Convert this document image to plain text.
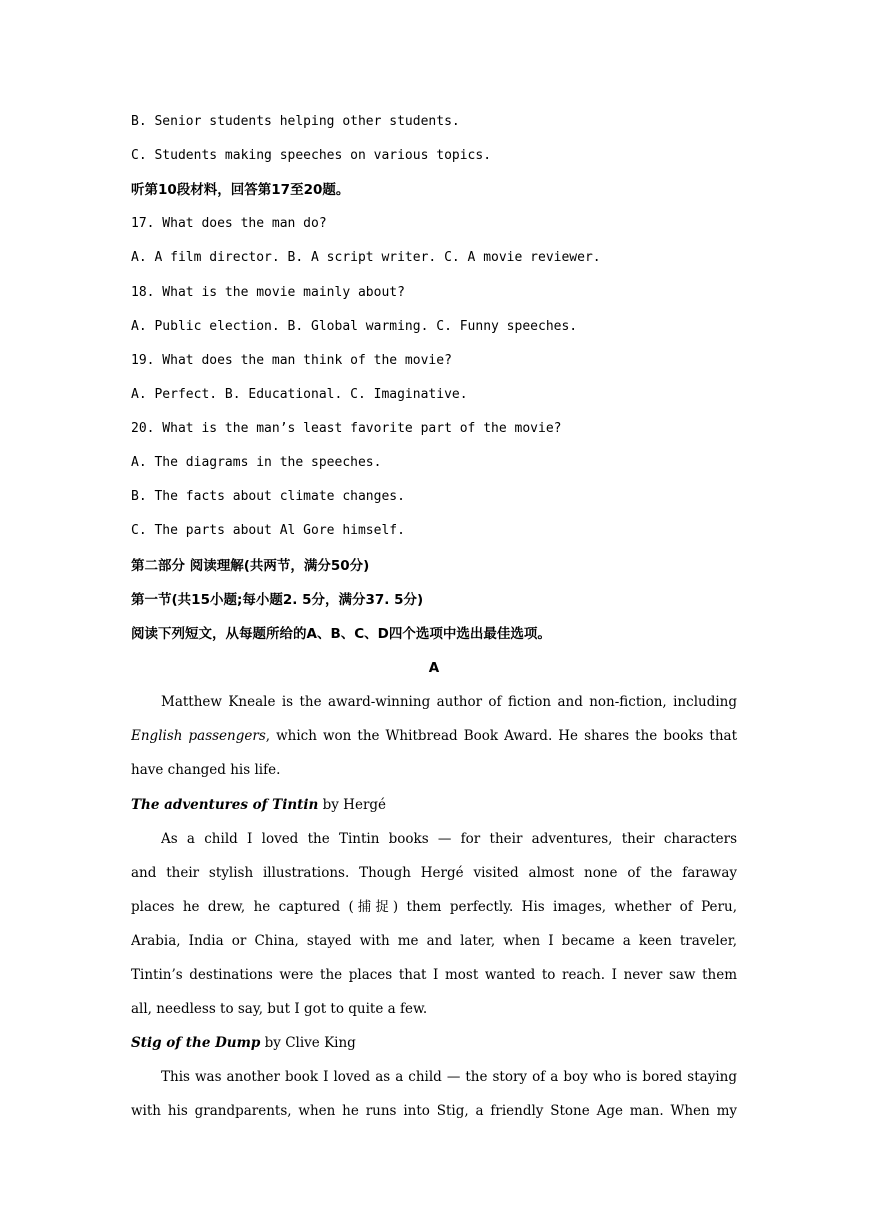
B. Senior students helping other students.
C. Students making speeches on various topics.
听第10段材料，回答第17至20题。
17. What does the man do?
A. A film director. B. A script writer. C. A movie reviewer.
18. What is the movie mainly about?
A. Public election. B. Global warming. C. Funny speeches.
19. What does the man think of the movie?
A. Perfect. B. Educational. C. Imaginative.
20. What is the man’s least favorite part of the movie?
A. The diagrams in the speeches.
B. The facts about climate changes.
C. The parts about Al Gore himself.
第二部分 阅读理解(共两节，满分50分)
第一节(共15小题;每小题2. 5分，满分37. 5分)
阅读下列短文，从每题所给的A、B、C、D四个选项中选出最佳选项。
A
Matthew Kneale is the award-winning author of fiction and non-fiction, including
English passengers, which won the Whitbread Book Award. He shares the books that
have changed his life.
The adventures of Tintin by Hergé
As a child I loved the Tintin books — for their adventures, their characters
and their stylish illustrations. Though Hergé visited almost none of the faraway
places he drew, he captured (捕捉) them perfectly. His images, whether of Peru,
Arabia, India or China, stayed with me and later, when I became a keen traveler,
Tintin’s destinations were the places that I most wanted to reach. I never saw them
all, needless to say, but I got to quite a few.
Stig of the Dump by Clive King
This was another book I loved as a child — the story of a boy who is bored staying
with his grandparents, when he runs into Stig, a friendly Stone Age man. When my
